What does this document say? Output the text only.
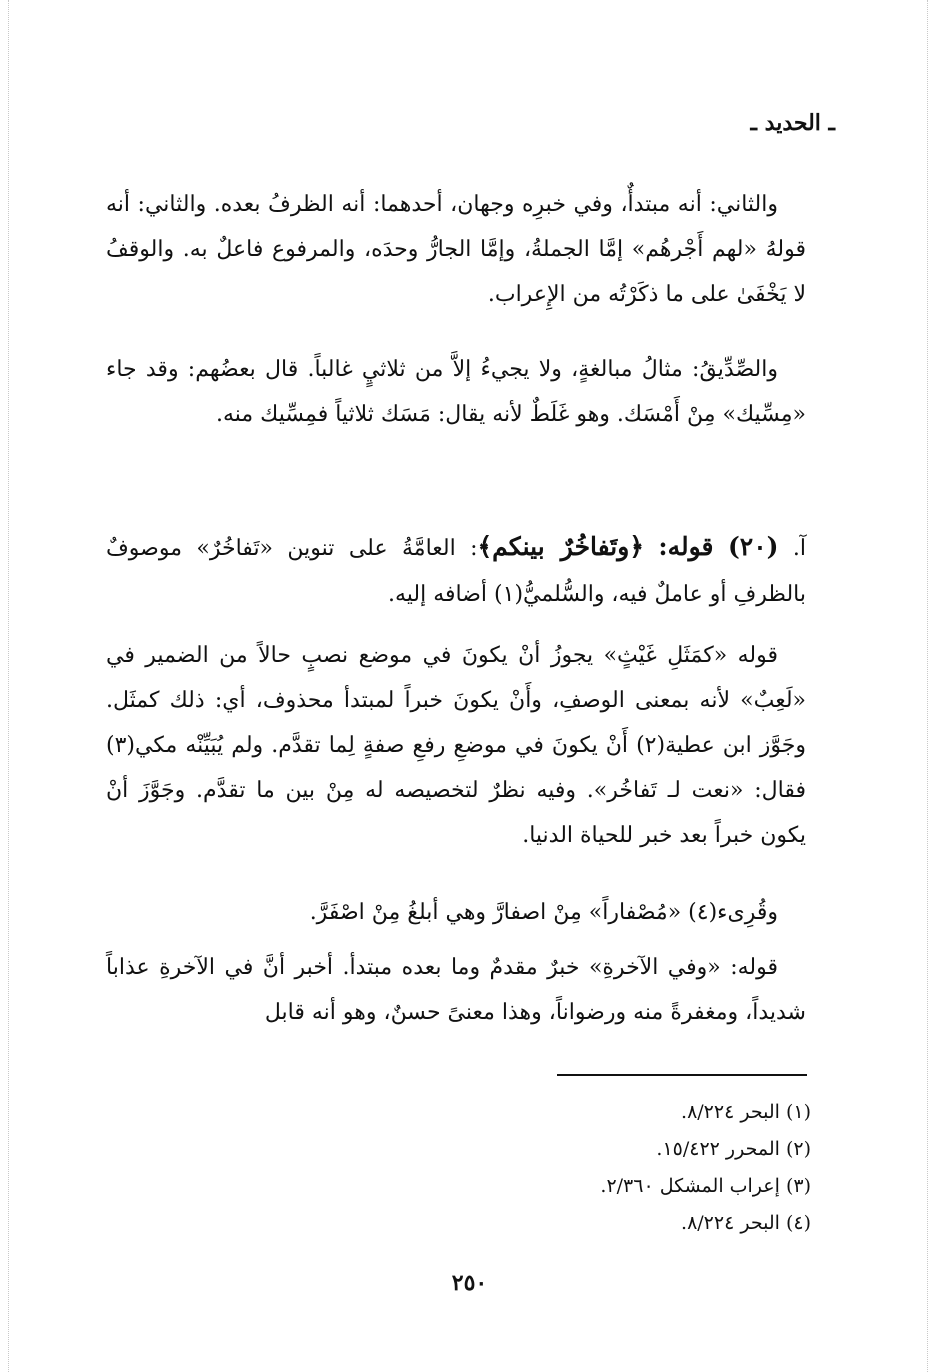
ـ الحديد ـ

والثاني: أنه مبتدأٌ، وفي خبرِه وجهان، أحدهما: أنه الظرفُ بعده. والثاني: أنه قولهُ «لهم أَجْرهُم» إمَّا الجملةُ، وإمَّا الجارُّ وحدَه، والمرفوع فاعلٌ به. والوقفُ لا يَخْفَىٰ على ما ذكَرْتُه من الإِعراب.

والصِّدِّيقُ: مثالُ مبالغةٍ، ولا يجيءُ إلاَّ من ثلاثيٍ غالباً. قال بعضُهم: وقد جاء «مِسِّيك» مِنْ أَمْسَك. وهو غَلَطٌ لأنه يقال: مَسَك ثلاثياً فمِسِّيك منه.

آ. (٢٠) قوله: ﴿وتَفاخُرٌ بينكم﴾: العامَّةُ على تنوين «تَفاخُرٌ» موصوفٌ بالظرفِ أو عاملٌ فيه، والسُّلميُّ(١) أضافه إليه.

قوله «كمَثَلِ غَيْثٍ» يجوزُ أنْ يكونَ في موضع نصبٍ حالاً من الضمير في «لَعِبٌ» لأنه بمعنى الوصفِ، وأَنْ يكونَ خبراً لمبتدأ محذوف، أي: ذلك كمثَل. وجَوَّز ابن عطية(٢) أَنْ يكونَ في موضعِ رفعِ صفةٍ لِما تقدَّم. ولم يُبَيِّنْه مكي(٣) فقال: «نعت لـ تَفاخُر». وفيه نظرٌ لتخصيصه له مِنْ بين ما تقدَّم. وجَوَّزَ أنْ يكون خبراً بعد خبر للحياة الدنيا.

وقُرِىء(٤) «مُصْفاراً» مِنْ اصفارَّ وهي أبلغُ مِنْ اصْفَرَّ.

قوله: «وفي الآخرةِ» خبرٌ مقدمٌ وما بعده مبتدأ. أخبر أنَّ في الآخرةِ عذاباً شديداً، ومغفرةً منه ورضواناً، وهذا معنىً حسنٌ، وهو أنه قابل

(١) البحر ٨/٢٢٤.
(٢) المحرر ١٥/٤٢٢.
(٣) إعراب المشكل ٢/٣٦٠.
(٤) البحر ٨/٢٢٤.
٢٥٠
